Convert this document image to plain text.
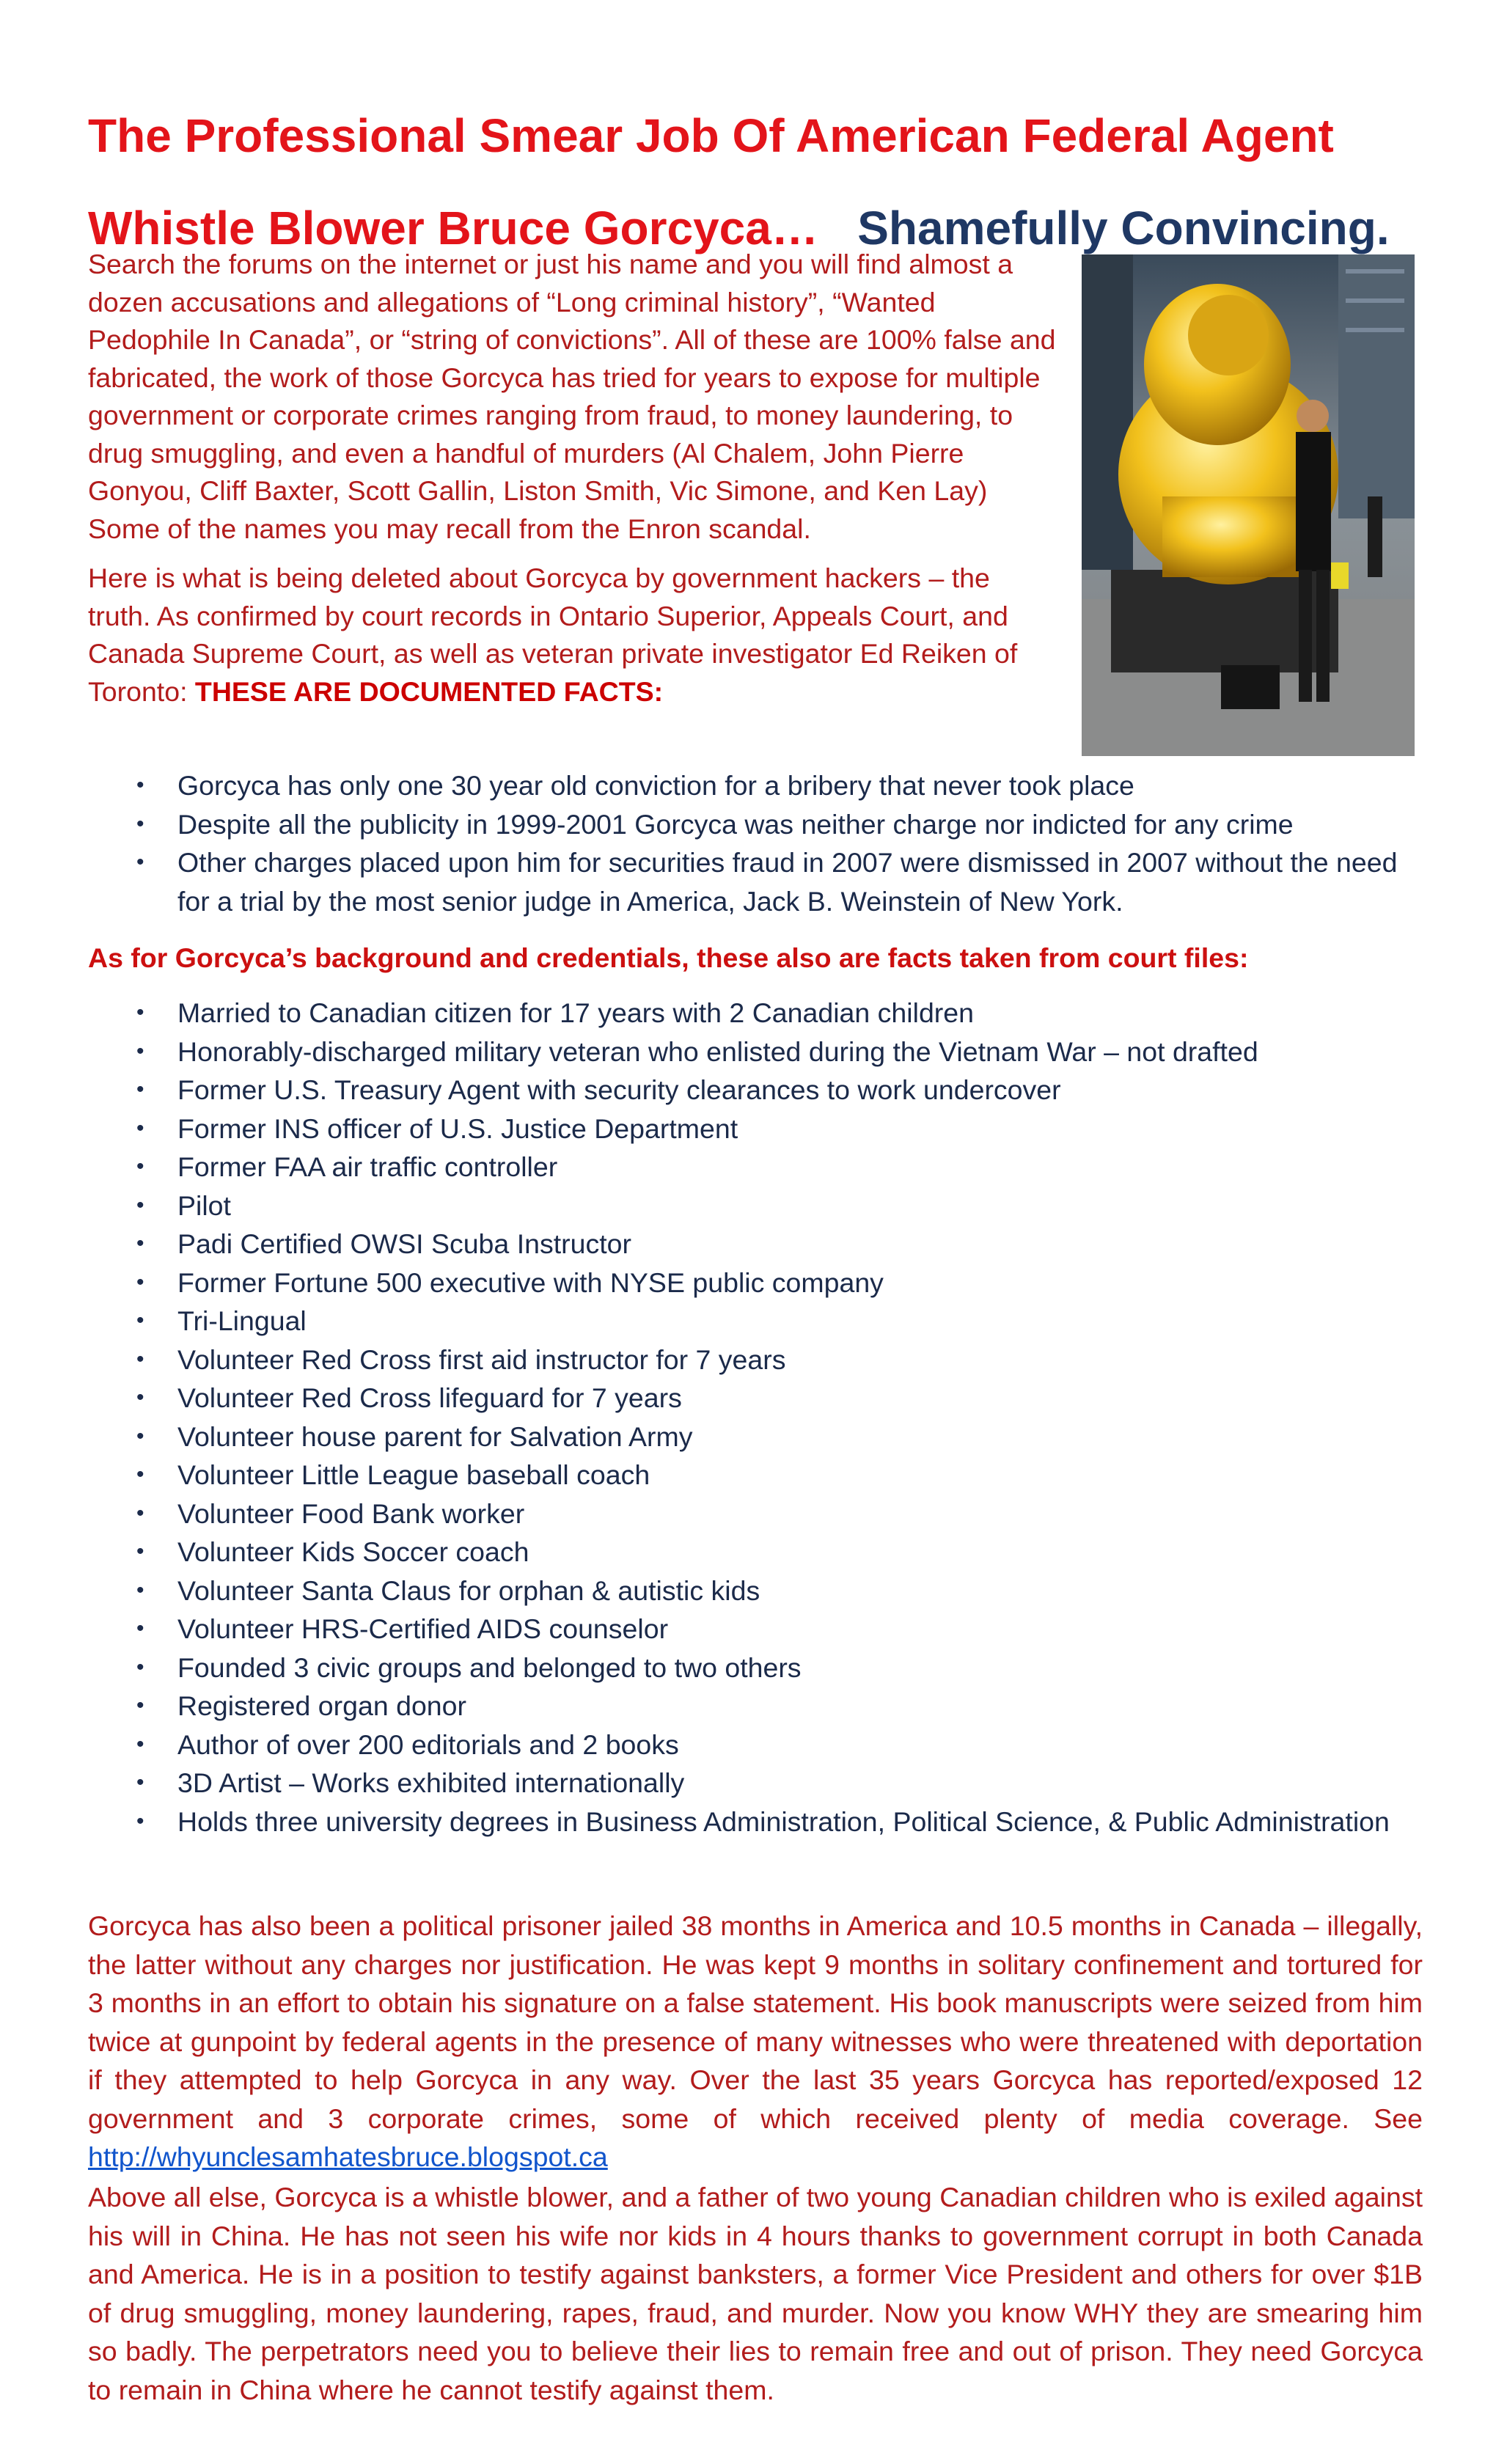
The Professional Smear Job Of American Federal Agent
Whistle Blower Bruce Gorcyca… Shamefully Convincing.

Search the forums on the internet or just his name and you will find almost a dozen accusations and allegations of “Long criminal history”, “Wanted Pedophile In Canada”, or “string of convictions”. All of these are 100% false and fabricated, the work of those Gorcyca has tried for years to expose for multiple government or corporate crimes ranging from fraud, to money laundering, to drug smuggling, and even a handful of murders (Al Chalem, John Pierre Gonyou, Cliff Baxter, Scott Gallin, Liston Smith, Vic Simone, and Ken Lay) Some of the names you may recall from the Enron scandal.

Here is what is being deleted about Gorcyca by government hackers – the truth. As confirmed by court records in Ontario Superior, Appeals Court, and Canada Supreme Court, as well as veteran private investigator Ed Reiken of Toronto: THESE ARE DOCUMENTED FACTS:

• Gorcyca has only one 30 year old conviction for a bribery that never took place
• Despite all the publicity in 1999-2001 Gorcyca was neither charge nor indicted for any crime
• Other charges placed upon him for securities fraud in 2007 were dismissed in 2007 without the need for a trial by the most senior judge in America, Jack B. Weinstein of New York.

As for Gorcyca’s background and credentials, these also are facts taken from court files:

• Married to Canadian citizen for 17 years with 2 Canadian children
• Honorably-discharged military veteran who enlisted during the Vietnam War – not drafted
• Former U.S. Treasury Agent with security clearances to work undercover
• Former INS officer of U.S. Justice Department
• Former FAA air traffic controller
• Pilot
• Padi Certified OWSI Scuba Instructor
• Former Fortune 500 executive with NYSE public company
• Tri-Lingual
• Volunteer Red Cross first aid instructor for 7 years
• Volunteer Red Cross lifeguard for 7 years
• Volunteer house parent for Salvation Army
• Volunteer Little League baseball coach
• Volunteer Food Bank worker
• Volunteer Kids Soccer coach
• Volunteer Santa Claus for orphan & autistic kids
• Volunteer HRS-Certified AIDS counselor
• Founded 3 civic groups and belonged to two others
• Registered organ donor
• Author of over 200 editorials and 2 books
• 3D Artist – Works exhibited internationally
• Holds three university degrees in Business Administration, Political Science, & Public Administration

Gorcyca has also been a political prisoner jailed 38 months in America and 10.5 months in Canada – illegally, the latter without any charges nor justification. He was kept 9 months in solitary confinement and tortured for 3 months in an effort to obtain his signature on a false statement. His book manuscripts were seized from him twice at gunpoint by federal agents in the presence of many witnesses who were threatened with deportation if they attempted to help Gorcyca in any way. Over the last 35 years Gorcyca has reported/exposed 12 government and 3 corporate crimes, some of which received plenty of media coverage. See http://whyunclesamhatesbruce.blogspot.ca

Above all else, Gorcyca is a whistle blower, and a father of two young Canadian children who is exiled against his will in China. He has not seen his wife nor kids in 4 hours thanks to government corrupt in both Canada and America. He is in a position to testify against banksters, a former Vice President and others for over $1B of drug smuggling, money laundering, rapes, fraud, and murder. Now you know WHY they are smearing him so badly. The perpetrators need you to believe their lies to remain free and out of prison. They need Gorcyca to remain in China where he cannot testify against them.
